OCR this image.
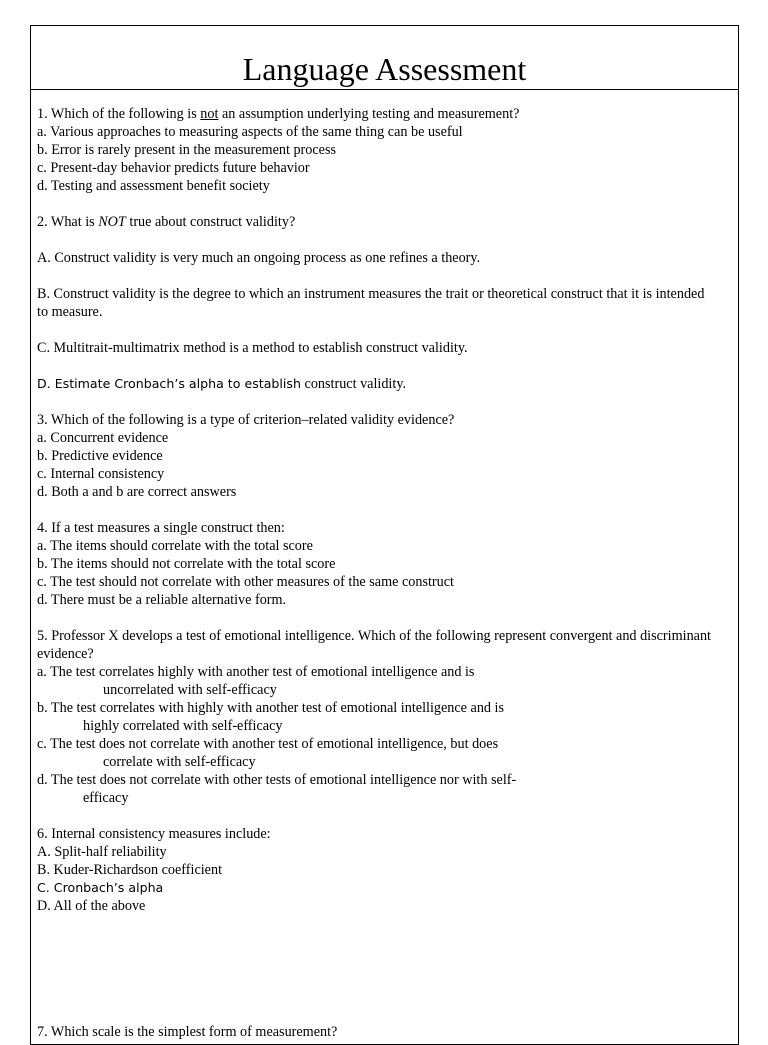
Language Assessment

1. Which of the following is not an assumption underlying testing and measurement?

a. Various approaches to measuring aspects of the same thing can be useful

b. Error is rarely present in the measurement process

c. Present-day behavior predicts future behavior

d. Testing and assessment benefit society

2. What is NOT true about construct validity?

A. Construct validity is very much an ongoing process as one refines a theory.

B. Construct validity is the degree to which an instrument measures the trait or theoretical construct that it is intended to measure.

C. Multitrait-multimatrix method is a method to establish construct validity.

D. Estimate Cronbach’s alpha to establish construct validity.

3. Which of the following is a type of criterion–related validity evidence?

a. Concurrent evidence

b. Predictive evidence

c. Internal consistency

d. Both a and b are correct answers

4. If a test measures a single construct then:

a. The items should correlate with the total score

b. The items should not correlate with the total score

c. The test should not correlate with other measures of the same construct

d. There must be a reliable alternative form.

5. Professor X develops a test of emotional intelligence. Which of the following represent convergent and discriminant evidence?

a. The test correlates highly with another test of emotional intelligence and is

uncorrelated with self-efficacy

b. The test correlates with highly with another test of emotional intelligence and is

highly correlated with self-efficacy

c. The test does not correlate with another test of emotional intelligence, but does

correlate with self-efficacy

d. The test does not correlate with other tests of emotional intelligence nor with self-

efficacy

6. Internal consistency measures include:

A. Split-half reliability

B. Kuder-Richardson coefficient

C. Cronbach’s alpha

D. All of the above

7. Which scale is the simplest form of measurement?
